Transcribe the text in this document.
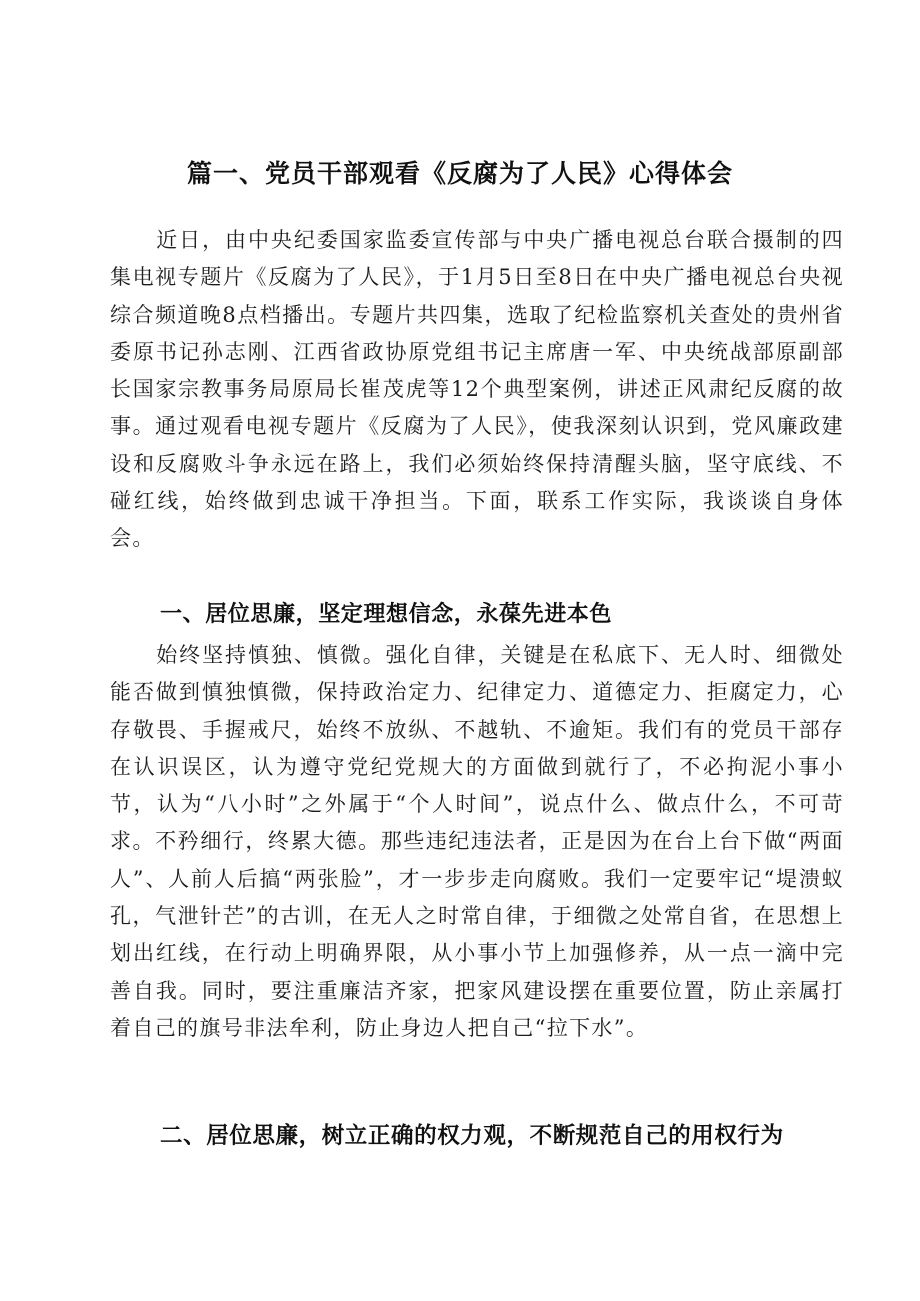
篇一、党员干部观看《反腐为了人民》心得体会

近日，由中央纪委国家监委宣传部与中央广播电视总台联合摄制的四集电视专题片《反腐为了人民》，于1月5日至8日在中央广播电视总台央视综合频道晚8点档播出。专题片共四集，选取了纪检监察机关查处的贵州省委原书记孙志刚、江西省政协原党组书记主席唐一军、中央统战部原副部长国家宗教事务局原局长崔茂虎等12个典型案例，讲述正风肃纪反腐的故事。通过观看电视专题片《反腐为了人民》，使我深刻认识到，党风廉政建设和反腐败斗争永远在路上，我们必须始终保持清醒头脑，坚守底线、不碰红线，始终做到忠诚干净担当。下面，联系工作实际，我谈谈自身体会。

一、居位思廉，坚定理想信念，永葆先进本色

始终坚持慎独、慎微。强化自律，关键是在私底下、无人时、细微处能否做到慎独慎微，保持政治定力、纪律定力、道德定力、拒腐定力，心存敬畏、手握戒尺，始终不放纵、不越轨、不逾矩。我们有的党员干部存在认识误区，认为遵守党纪党规大的方面做到就行了，不必拘泥小事小节，认为“八小时”之外属于“个人时间”，说点什么、做点什么，不可苛求。不矜细行，终累大德。那些违纪违法者，正是因为在台上台下做“两面人”、人前人后搞“两张脸”，才一步步走向腐败。我们一定要牢记“堤溃蚁孔，气泄针芒”的古训，在无人之时常自律，于细微之处常自省，在思想上划出红线，在行动上明确界限，从小事小节上加强修养，从一点一滴中完善自我。同时，要注重廉洁齐家，把家风建设摆在重要位置，防止亲属打着自己的旗号非法牟利，防止身边人把自己“拉下水”。

二、居位思廉，树立正确的权力观，不断规范自己的用权行为
